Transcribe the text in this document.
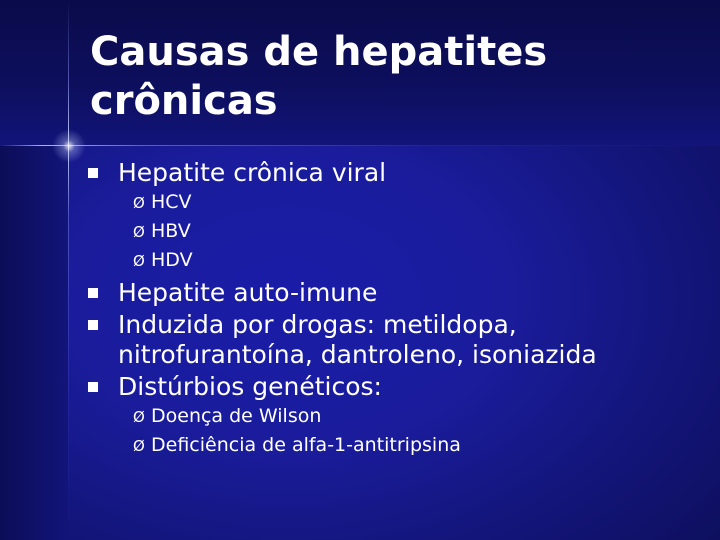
Causas de hepatites
crônicas
Hepatite crônica viral
Ø HCV
Ø HBV
Ø HDV
Hepatite auto-imune
Induzida por drogas: metildopa,
nitrofurantoína, dantroleno, isoniazida
Distúrbios genéticos:
Ø Doença de Wilson
Ø Deficiência de alfa-1-antitripsina
